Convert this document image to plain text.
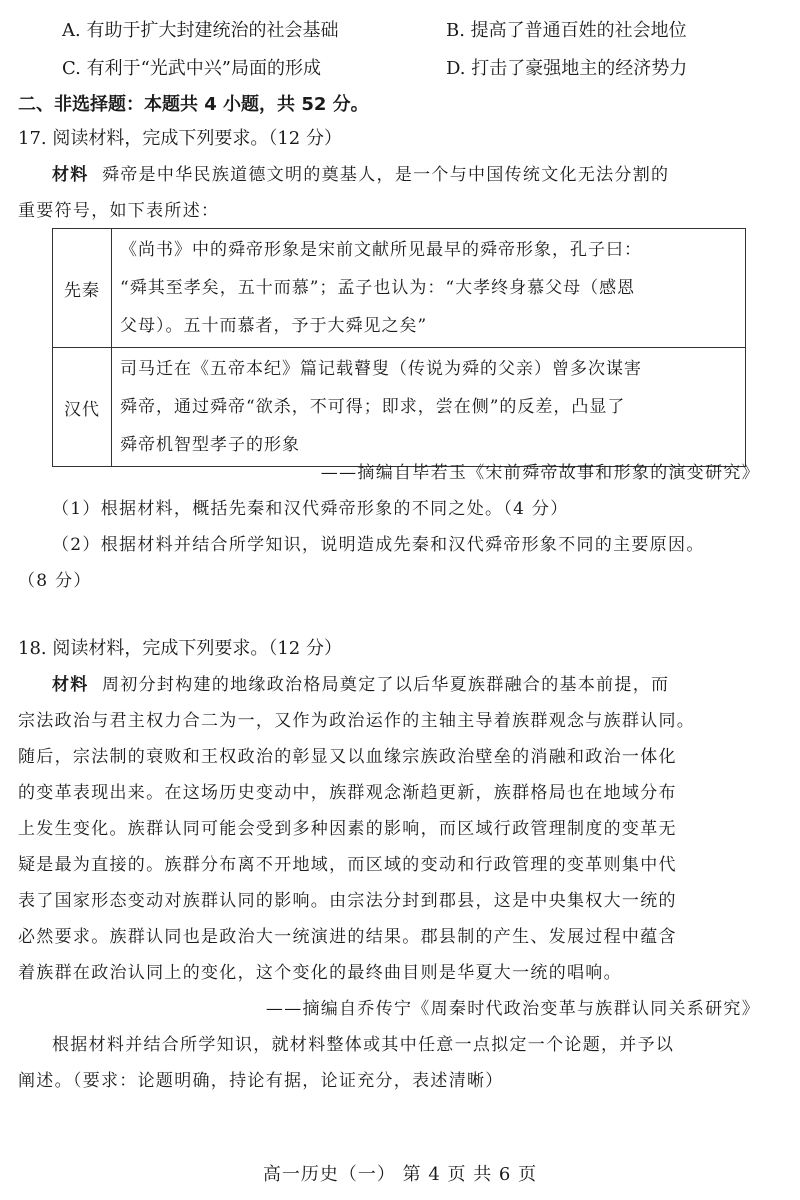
A. 有助于扩大封建统治的社会基础	B. 提高了普通百姓的社会地位
C. 有利于“光武中兴”局面的形成	D. 打击了豪强地主的经济势力
二、非选择题：本题共 4 小题，共 52 分。
17. 阅读材料，完成下列要求。（12 分）
材料 舜帝是中华民族道德文明的奠基人，是一个与中国传统文化无法分割的
重要符号，如下表所述：
先秦	《尚书》中的舜帝形象是宋前文献所见最早的舜帝形象，孔子曰：
“舜其至孝矣，五十而慕”；孟子也认为：“大孝终身慕父母（感恩
父母）。五十而慕者，予于大舜见之矣”

汉代	司马迁在《五帝本纪》篇记载瞽叟（传说为舜的父亲）曾多次谋害
舜帝，通过舜帝“欲杀，不可得；即求，尝在侧”的反差，凸显了
舜帝机智型孝子的形象
——摘编自毕若玉《宋前舜帝故事和形象的演变研究》
（1）根据材料，概括先秦和汉代舜帝形象的不同之处。（4 分）
（2）根据材料并结合所学知识，说明造成先秦和汉代舜帝形象不同的主要原因。
（8 分）
18. 阅读材料，完成下列要求。（12 分）
材料 周初分封构建的地缘政治格局奠定了以后华夏族群融合的基本前提，而
宗法政治与君主权力合二为一，又作为政治运作的主轴主导着族群观念与族群认同。
随后，宗法制的衰败和王权政治的彰显又以血缘宗族政治壁垒的消融和政治一体化
的变革表现出来。在这场历史变动中，族群观念渐趋更新，族群格局也在地域分布
上发生变化。族群认同可能会受到多种因素的影响，而区域行政管理制度的变革无
疑是最为直接的。族群分布离不开地域，而区域的变动和行政管理的变革则集中代
表了国家形态变动对族群认同的影响。由宗法分封到郡县，这是中央集权大一统的
必然要求。族群认同也是政治大一统演进的结果。郡县制的产生、发展过程中蕴含
着族群在政治认同上的变化，这个变化的最终曲目则是华夏大一统的唱响。
——摘编自乔传宁《周秦时代政治变革与族群认同关系研究》
根据材料并结合所学知识，就材料整体或其中任意一点拟定一个论题，并予以
阐述。（要求：论题明确，持论有据，论证充分，表述清晰）
高一历史（一） 第 4 页 共 6 页
